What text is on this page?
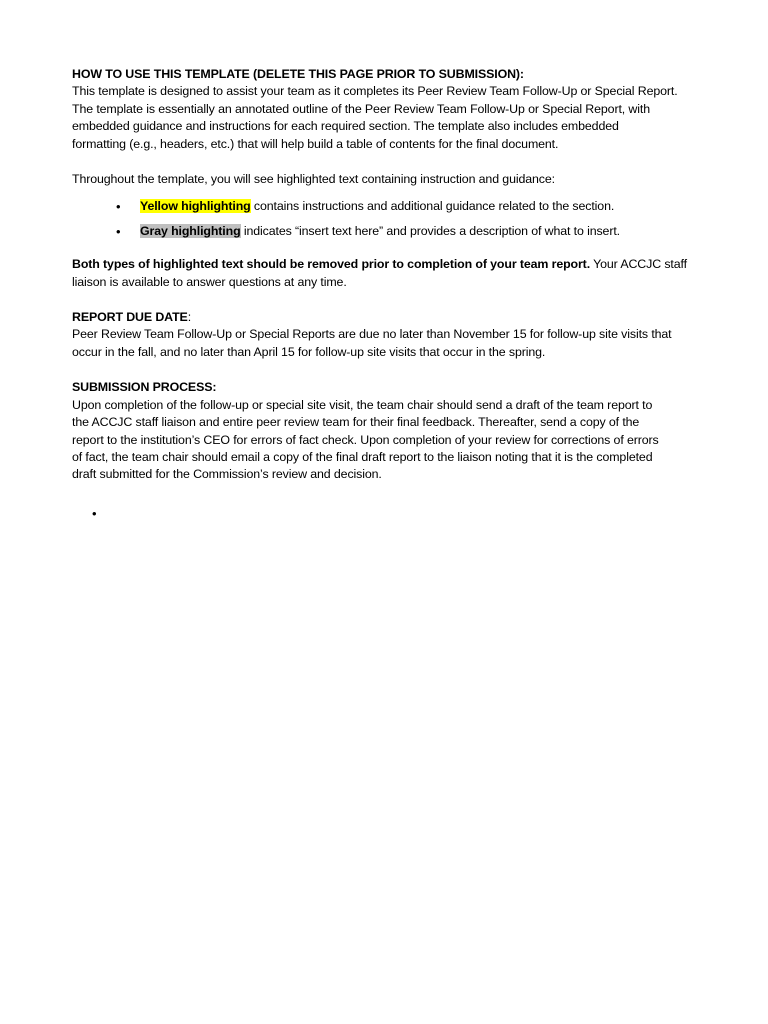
HOW TO USE THIS TEMPLATE (DELETE THIS PAGE PRIOR TO SUBMISSION):

This template is designed to assist your team as it completes its Peer Review Team Follow-Up or Special Report.

The template is essentially an annotated outline of the Peer Review Team Follow-Up or Special Report, with

embedded guidance and instructions for each required section. The template also includes embedded

formatting (e.g., headers, etc.) that will help build a table of contents for the final document.

Throughout the template, you will see highlighted text containing instruction and guidance:

• Yellow highlighting contains instructions and additional guidance related to the section.
• Gray highlighting indicates “insert text here” and provides a description of what to insert.

Both types of highlighted text should be removed prior to completion of your team report. Your ACCJC staff

liaison is available to answer questions at any time.

REPORT DUE DATE:

Peer Review Team Follow-Up or Special Reports are due no later than November 15 for follow-up site visits that

occur in the fall, and no later than April 15 for follow-up site visits that occur in the spring.

SUBMISSION PROCESS:

Upon completion of the follow-up or special site visit, the team chair should send a draft of the team report to

the ACCJC staff liaison and entire peer review team for their final feedback. Thereafter, send a copy of the

report to the institution’s CEO for errors of fact check. Upon completion of your review for corrections of errors

of fact, the team chair should email a copy of the final draft report to the liaison noting that it is the completed

draft submitted for the Commission’s review and decision.

•
